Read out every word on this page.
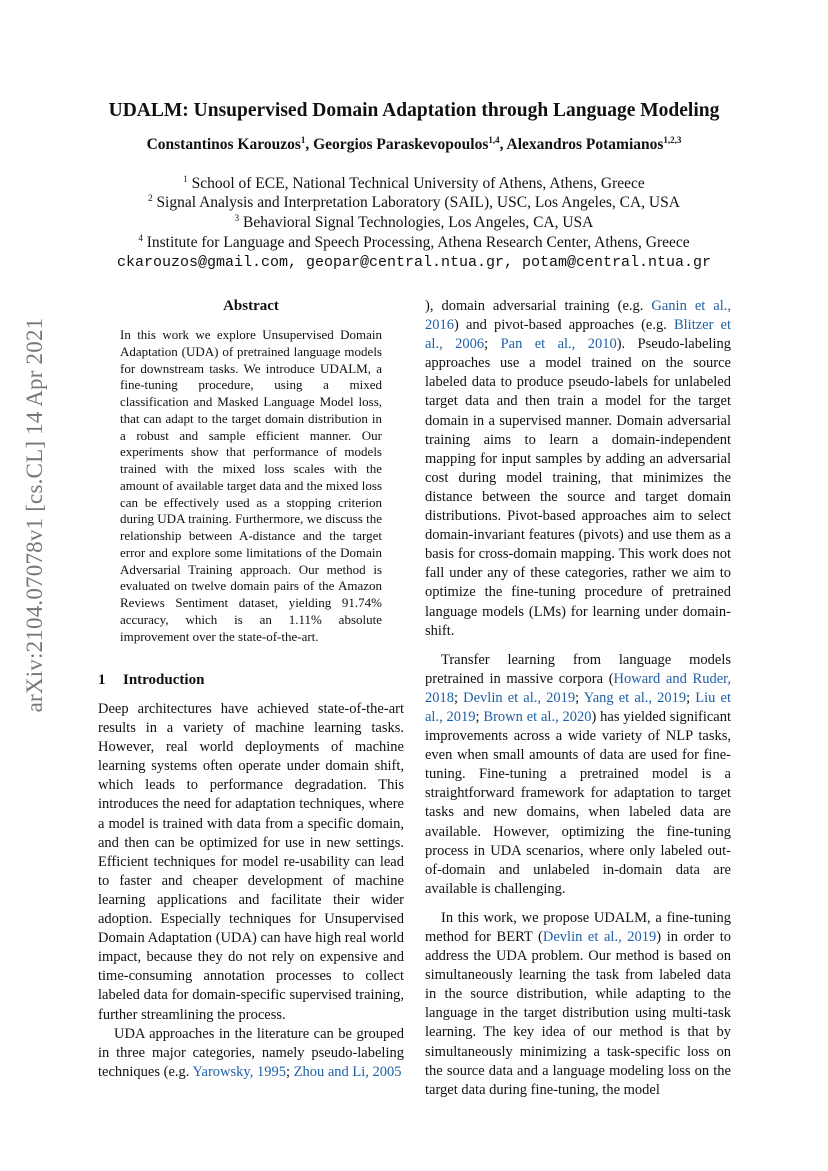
UDALM: Unsupervised Domain Adaptation through Language Modeling
Constantinos Karouzos$^1$, Georgios Paraskevopoulos$^{1,4}$, Alexandros Potamianos$^{1,2,3}$
$^1$ School of ECE, National Technical University of Athens, Athens, Greece
$^2$ Signal Analysis and Interpretation Laboratory (SAIL), USC, Los Angeles, CA, USA
$^3$ Behavioral Signal Technologies, Los Angeles, CA, USA
$^4$ Institute for Language and Speech Processing, Athena Research Center, Athens, Greece
ckarouzos@gmail.com, geopar@central.ntua.gr, potam@central.ntua.gr
arXiv:2104.07078v1 [cs.CL] 14 Apr 2021
Abstract
In this work we explore Unsupervised Domain Adaptation (UDA) of pretrained language models for downstream tasks. We introduce UDALM, a fine-tuning procedure, using a mixed classification and Masked Language Model loss, that can adapt to the target domain distribution in a robust and sample efficient manner. Our experiments show that performance of models trained with the mixed loss scales with the amount of available target data and the mixed loss can be effectively used as a stopping criterion during UDA training. Furthermore, we discuss the relationship between A-distance and the target error and explore some limitations of the Domain Adversarial Training approach. Our method is evaluated on twelve domain pairs of the Amazon Reviews Sentiment dataset, yielding 91.74% accuracy, which is an 1.11% absolute improvement over the state-of-the-art.
1 Introduction

Deep architectures have achieved state-of-the-art results in a variety of machine learning tasks. However, real world deployments of machine learning systems often operate under domain shift, which leads to performance degradation. This introduces the need for adaptation techniques, where a model is trained with data from a specific domain, and then can be optimized for use in new settings. Efficient techniques for model re-usability can lead to faster and cheaper development of machine learning applications and facilitate their wider adoption. Especially techniques for Unsupervised Domain Adaptation (UDA) can have high real world impact, because they do not rely on expensive and time-consuming annotation processes to collect labeled data for domain-specific supervised training, further streamlining the process.

UDA approaches in the literature can be grouped in three major categories, namely pseudo-labeling techniques (e.g. Yarowsky, 1995; Zhou and Li, 2005

), domain adversarial training (e.g. Ganin et al., 2016) and pivot-based approaches (e.g. Blitzer et al., 2006; Pan et al., 2010). Pseudo-labeling approaches use a model trained on the source labeled data to produce pseudo-labels for unlabeled target data and then train a model for the target domain in a supervised manner. Domain adversarial training aims to learn a domain-independent mapping for input samples by adding an adversarial cost during model training, that minimizes the distance between the source and target domain distributions. Pivot-based approaches aim to select domain-invariant features (pivots) and use them as a basis for cross-domain mapping. This work does not fall under any of these categories, rather we aim to optimize the fine-tuning procedure of pretrained language models (LMs) for learning under domain-shift.

Transfer learning from language models pretrained in massive corpora (Howard and Ruder, 2018; Devlin et al., 2019; Yang et al., 2019; Liu et al., 2019; Brown et al., 2020) has yielded significant improvements across a wide variety of NLP tasks, even when small amounts of data are used for fine-tuning. Fine-tuning a pretrained model is a straightforward framework for adaptation to target tasks and new domains, when labeled data are available. However, optimizing the fine-tuning process in UDA scenarios, where only labeled out-of-domain and unlabeled in-domain data are available is challenging.

In this work, we propose UDALM, a fine-tuning method for BERT (Devlin et al., 2019) in order to address the UDA problem. Our method is based on simultaneously learning the task from labeled data in the source distribution, while adapting to the language in the target distribution using multi-task learning. The key idea of our method is that by simultaneously minimizing a task-specific loss on the source data and a language modeling loss on the target data during fine-tuning, the model
